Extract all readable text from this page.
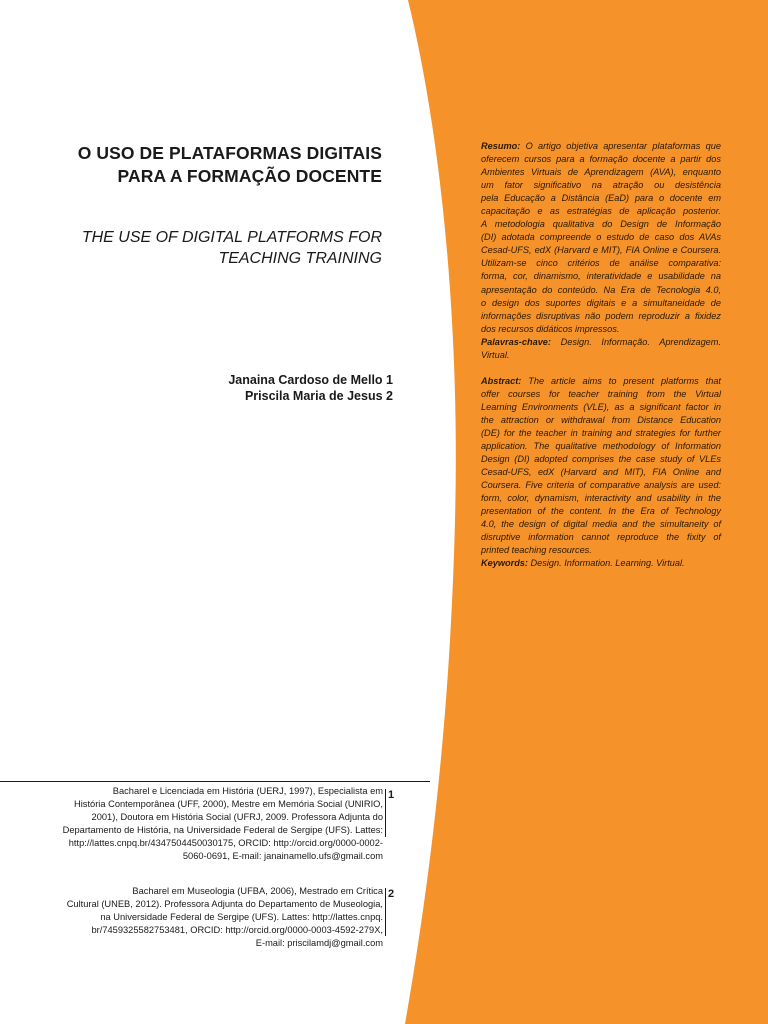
O USO DE PLATAFORMAS DIGITAIS
PARA A FORMAÇÃO DOCENTE
THE USE OF DIGITAL PLATFORMS FOR
TEACHING TRAINING
Janaina Cardoso de Mello 1
Priscila Maria de Jesus 2
Resumo: O artigo objetiva apresentar plataformas que
oferecem cursos para a formação docente a partir dos
Ambientes Virtuais de Aprendizagem (AVA), enquanto
um fator significativo na atração ou desistência
pela Educação a Distância (EaD) para o docente em
capacitação e as estratégias de aplicação posterior.
A metodologia qualitativa do Design de Informação
(DI) adotada compreende o estudo de caso dos AVAs
Cesad-UFS, edX (Harvard e MIT), FIA Online e Coursera.
Utilizam-se cinco critérios de análise comparativa:
forma, cor, dinamismo, interatividade e usabilidade na
apresentação do conteúdo. Na Era de Tecnologia 4.0,
o design dos suportes digitais e a simultaneidade de
informações disruptivas não podem reproduzir a fixidez
dos recursos didáticos impressos.
Palavras-chave: Design. Informação. Aprendizagem.
Virtual.
Abstract: The article aims to present platforms that
offer courses for teacher training from the Virtual
Learning Environments (VLE), as a significant factor in
the attraction or withdrawal from Distance Education
(DE) for the teacher in training and strategies for further
application. The qualitative methodology of Information
Design (DI) adopted comprises the case study of VLEs
Cesad-UFS, edX (Harvard and MIT), FIA Online and
Coursera. Five criteria of comparative analysis are used:
form, color, dynamism, interactivity and usability in the
presentation of the content. In the Era of Technology
4.0, the design of digital media and the simultaneity of
disruptive information cannot reproduce the fixity of
printed teaching resources.
Keywords: Design. Information. Learning. Virtual.
Bacharel e Licenciada em História (UERJ, 1997), Especialista em
História Contemporânea (UFF, 2000), Mestre em Memória Social (UNIRIO,
2001), Doutora em História Social (UFRJ, 2009. Professora Adjunta do
Departamento de História, na Universidade Federal de Sergipe (UFS). Lattes:
http://lattes.cnpq.br/4347504450030175, ORCID: http://orcid.org/0000-0002-
5060-0691, E-mail: janainamello.ufs@gmail.com
1
Bacharel em Museologia (UFBA, 2006), Mestrado em Crítica
Cultural (UNEB, 2012). Professora Adjunta do Departamento de Museologia,
na Universidade Federal de Sergipe (UFS). Lattes: http://lattes.cnpq.
br/7459325582753481, ORCID: http://orcid.org/0000-0003-4592-279X,
E-mail: priscilamdj@gmail.com
2
